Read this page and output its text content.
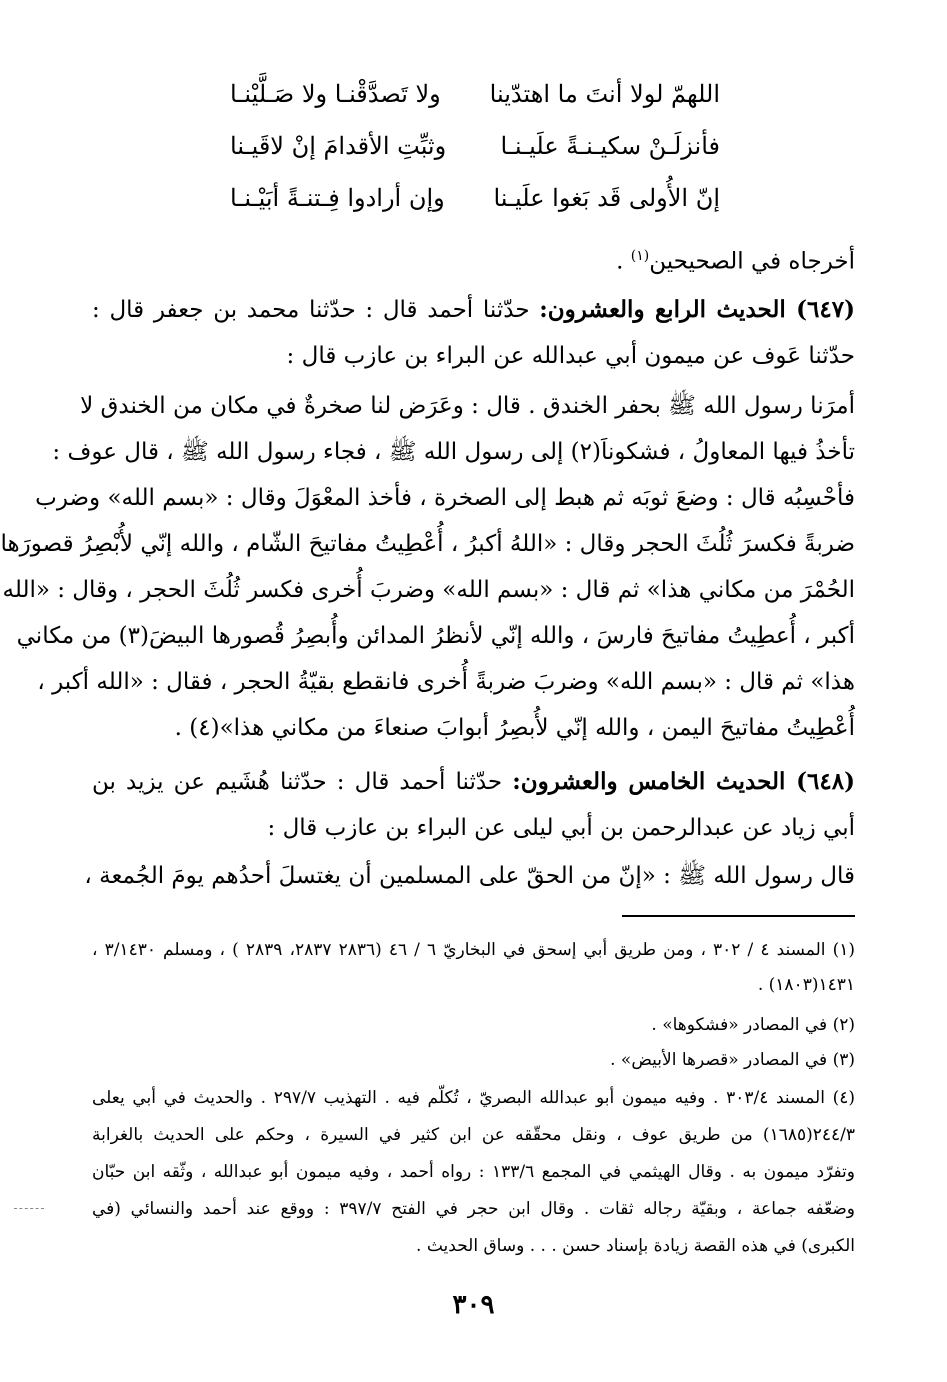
اللهمّ لولا أنتَ ما اهتدّينا
ولا تَصدَّقْنـا ولا صَـلَّيْنـا
فأنزلَـنْ سكيـنـةً علَيـنـا
وثبِّتِ الأقدامَ إنْ لاقَيـنا
إنّ الأُولى قَد بَغوا علَيـنا
وإن أرادوا فِـتنـةً أبَيْـنـا
أخرجاه في الصحيحين$^{(١)}$ .
(٦٤٧) الحديث الرابع والعشرون: حدّثنا أحمد قال : حدّثنا محمد بن جعفر قال :
حدّثنا عَوف عن ميمون أبي عبدالله عن البراء بن عازب قال :
أمرَنا رسول الله ﷺ بحفر الخندق . قال : وعَرَض لنا صخرةٌ في مكان من الخندق لا
تأخذُ فيها المعاولُ ، فشكوناَ(٢) إلى رسول الله ﷺ ، فجاء رسول الله ﷺ ، قال عوف :
فأحْسِبُه قال : وضعَ ثوبَه ثم هبط إلى الصخرة ، فأخذ المعْوَلَ وقال : «بسم الله» وضرب
ضربةً فكسرَ ثُلُثَ الحجر وقال : «اللهُ أكبرُ ، أُعْطِيتُ مفاتيحَ الشّام ، والله إنّي لأُبْصِرُ قصورَها
الحُمْرَ من مكاني هذا» ثم قال : «بسم الله» وضربَ أُخرى فكسر ثُلُثَ الحجر ، وقال : «الله
أكبر ، أُعطِيتُ مفاتيحَ فارسَ ، والله إنّي لأنظرُ المدائن وأُبصِرُ قُصورها البيضَ(٣) من مكاني
هذا» ثم قال : «بسم الله» وضربَ ضربةً أُخرى فانقطع بقيّةُ الحجر ، فقال : «الله أكبر ،
أُعْطِيتُ مفاتيحَ اليمن ، والله إنّي لأُبصِرُ أبوابَ صنعاءَ من مكاني هذا»(٤) .
(٦٤٨) الحديث الخامس والعشرون: حدّثنا أحمد قال : حدّثنا هُشَيم عن يزيد بن
أبي زياد عن عبدالرحمن بن أبي ليلى عن البراء بن عازب قال :
قال رسول الله ﷺ : «إنّ من الحقّ على المسلمين أن يغتسلَ أحدُهم يومَ الجُمعة ،
(١) المسند ٤ / ٣٠٢ ، ومن طريق أبي إسحق في البخاريّ ٦ / ٤٦ (٢٨٣٦ ٢٨٣٧، ٢٨٣٩ ) ، ومسلم ٣/١٤٣٠ ،
١٤٣١(١٨٠٣) .
(٢) في المصادر «فشكوها» .
(٣) في المصادر «قصرها الأبيض» .
(٤) المسند ٣٠٣/٤ . وفيه ميمون أبو عبدالله البصريّ ، تُكلّم فيه . التهذيب ٢٩٧/٧ . والحديث في أبي يعلى
٢٤٤/٣(١٦٨٥) من طريق عوف ، ونقل محقّقه عن ابن كثير في السيرة ، وحكم على الحديث بالغرابة
وتفرّد ميمون به . وقال الهيثمي في المجمع ١٣٣/٦ : رواه أحمد ، وفيه ميمون أبو عبدالله ، وثّقه ابن حبّان
وضعّفه جماعة ، وبقيّة رجاله ثقات . وقال ابن حجر في الفتح ٣٩٧/٧ : ووقع عند أحمد والنسائي (في
الكبرى) في هذه القصة زيادة بإسناد حسن . . . وساق الحديث .
٣٠٩
